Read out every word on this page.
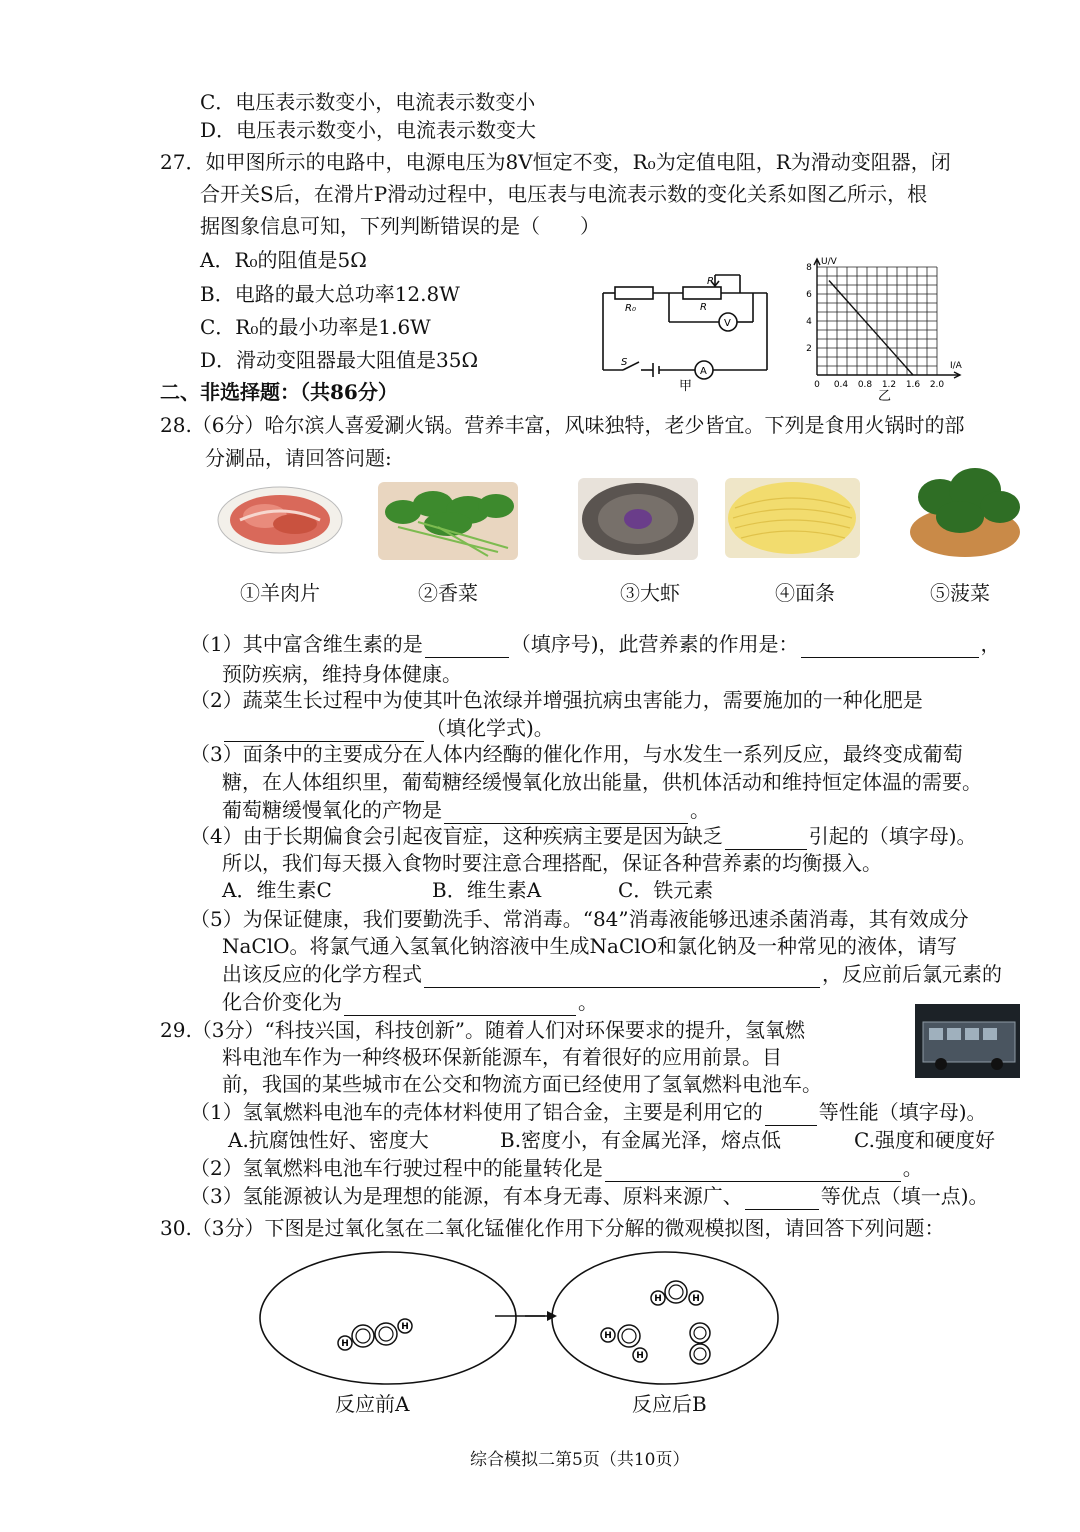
C．电压表示数变小，电流表示数变小
D．电压表示数变小，电流表示数变大
27．如甲图所示的电路中，电源电压为8V恒定不变，R₀为定值电阻，R为滑动变阻器，闭
合开关S后，在滑片P滑动过程中，电压表与电流表示数的变化关系如图乙所示，根
据图象信息可知，下列判断错误的是（　　）
A．R₀的阻值是5Ω
B．电路的最大总功率12.8W
C．R₀的最小功率是1.6W
D．滑动变阻器最大阻值是35Ω
R₀
P
R
V
A
S
甲	0 0.4 0.8 1.2 1.6 2.0
2
4
6
8
U/V
I/A
乙
二、非选择题：（共86分）
28.（6分）哈尔滨人喜爱涮火锅。营养丰富，风味独特，老少皆宜。下列是食用火锅时的部
分涮品，请回答问题:
①羊肉片	②香菜	③大虾	④面条	⑤菠菜
（1）其中富含维生素的是	（填序号)，此营养素的作用是：	，
预防疾病，维持身体健康。
（2）蔬菜生长过程中为使其叶色浓绿并增强抗病虫害能力，需要施加的一种化肥是
（填化学式)。
（3）面条中的主要成分在人体内经酶的催化作用，与水发生一系列反应，最终变成葡萄
糖，在人体组织里，葡萄糖经缓慢氧化放出能量，供机体活动和维持恒定体温的需要。
葡萄糖缓慢氧化的产物是	。
（4）由于长期偏食会引起夜盲症，这种疾病主要是因为缺乏	引起的（填字母)。
所以，我们每天摄入食物时要注意合理搭配，保证各种营养素的均衡摄入。
A．维生素C	B．维生素A	C．铁元素
（5）为保证健康，我们要勤洗手、常消毒。“84”消毒液能够迅速杀菌消毒，其有效成分
NaClO。将氯气通入氢氧化钠溶液中生成NaClO和氯化钠及一种常见的液体，请写
出该反应的化学方程式	，反应前后氯元素的
化合价变化为	。
29.（3分）“科技兴国，科技创新”。随着人们对环保要求的提升，氢氧燃
料电池车作为一种终极环保新能源车，有着很好的应用前景。目
前，我国的某些城市在公交和物流方面已经使用了氢氧燃料电池车。
（1）氢氧燃料电池车的壳体材料使用了铝合金，主要是利用它的	等性能（填字母)。
A.抗腐蚀性好、密度大	B.密度小，有金属光泽，熔点低	C.强度和硬度好
（2）氢氧燃料电池车行驶过程中的能量转化是	。
（3）氢能源被认为是理想的能源，有本身无毒、原料来源广、	等优点（填一点)。
30.（3分）下图是过氧化氢在二氧化锰催化作用下分解的微观模拟图，请回答下列问题：
H
H
H	H
H
H
反应前A	反应后B
综合模拟二第5页（共10页）
